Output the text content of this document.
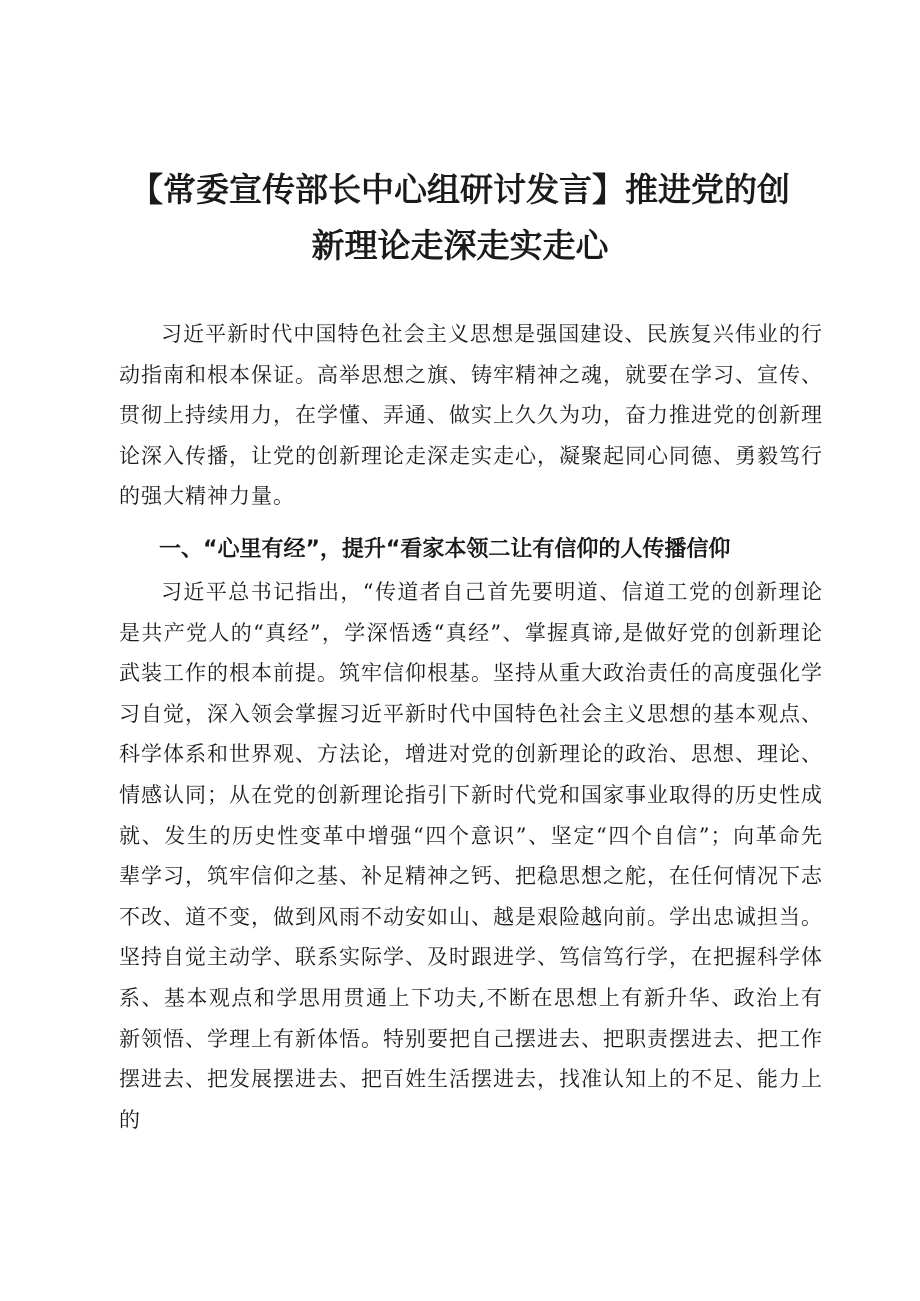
【常委宣传部长中心组研讨发言】推进党的创
新理论走深走实走心

习近平新时代中国特色社会主义思想是强国建设、民族复兴伟业的行动指南和根本保证。高举思想之旗、铸牢精神之魂，就要在学习、宣传、贯彻上持续用力，在学懂、弄通、做实上久久为功，奋力推进党的创新理论深入传播，让党的创新理论走深走实走心，凝聚起同心同德、勇毅笃行的强大精神力量。

一、“心里有经”，提升“看家本领二让有信仰的人传播信仰

习近平总书记指出，“传道者自己首先要明道、信道工党的创新理论是共产党人的“真经”，学深悟透“真经”、掌握真谛,是做好党的创新理论武装工作的根本前提。筑牢信仰根基。坚持从重大政治责任的高度强化学习自觉，深入领会掌握习近平新时代中国特色社会主义思想的基本观点、科学体系和世界观、方法论，增进对党的创新理论的政治、思想、理论、情感认同；从在党的创新理论指引下新时代党和国家事业取得的历史性成就、发生的历史性变革中增强“四个意识”、坚定“四个自信”；向革命先辈学习，筑牢信仰之基、补足精神之钙、把稳思想之舵，在任何情况下志不改、道不变，做到风雨不动安如山、越是艰险越向前。学出忠诚担当。坚持自觉主动学、联系实际学、及时跟进学、笃信笃行学，在把握科学体系、基本观点和学思用贯通上下功夫,不断在思想上有新升华、政治上有新领悟、学理上有新体悟。特别要把自己摆进去、把职责摆进去、把工作摆进去、把发展摆进去、把百姓生活摆进去，找准认知上的不足、能力上的
